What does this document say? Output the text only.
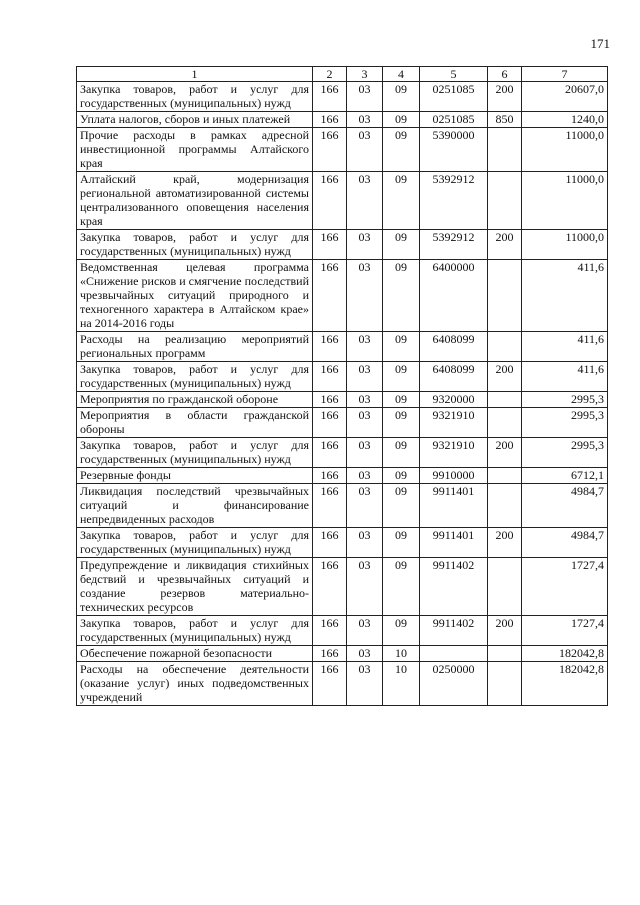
171
1	2	3	4	5	6	7
Закупка товаров, работ и услуг для государственных (муниципальных) нужд	166	03	09	0251085	200	20607,0
Уплата налогов, сборов и иных платежей	166	03	09	0251085	850	1240,0
Прочие расходы в рамках адресной инвестиционной программы Алтайского края	166	03	09	5390000		11000,0
Алтайский край, модернизация региональной автоматизированной системы централизованного оповещения населения края	166	03	09	5392912		11000,0
Закупка товаров, работ и услуг для государственных (муниципальных) нужд	166	03	09	5392912	200	11000,0
Ведомственная целевая программа «Снижение рисков и смягчение последствий чрезвычайных ситуаций природного и техногенного характера в Алтайском крае» на 2014-2016 годы	166	03	09	6400000		411,6
Расходы на реализацию мероприятий региональных программ	166	03	09	6408099		411,6
Закупка товаров, работ и услуг для государственных (муниципальных) нужд	166	03	09	6408099	200	411,6
Мероприятия по гражданской обороне	166	03	09	9320000		2995,3
Мероприятия в области гражданской обороны	166	03	09	9321910		2995,3
Закупка товаров, работ и услуг для государственных (муниципальных) нужд	166	03	09	9321910	200	2995,3
Резервные фонды	166	03	09	9910000		6712,1
Ликвидация последствий чрезвычайных ситуаций и финансирование непредвиденных расходов	166	03	09	9911401		4984,7
Закупка товаров, работ и услуг для государственных (муниципальных) нужд	166	03	09	9911401	200	4984,7
Предупреждение и ликвидация стихийных бедствий и чрезвычайных ситуаций и создание резервов материально-технических ресурсов	166	03	09	9911402		1727,4
Закупка товаров, работ и услуг для государственных (муниципальных) нужд	166	03	09	9911402	200	1727,4
Обеспечение пожарной безопасности	166	03	10			182042,8
Расходы на обеспечение деятельности (оказание услуг) иных подведомственных учреждений	166	03	10	0250000		182042,8
